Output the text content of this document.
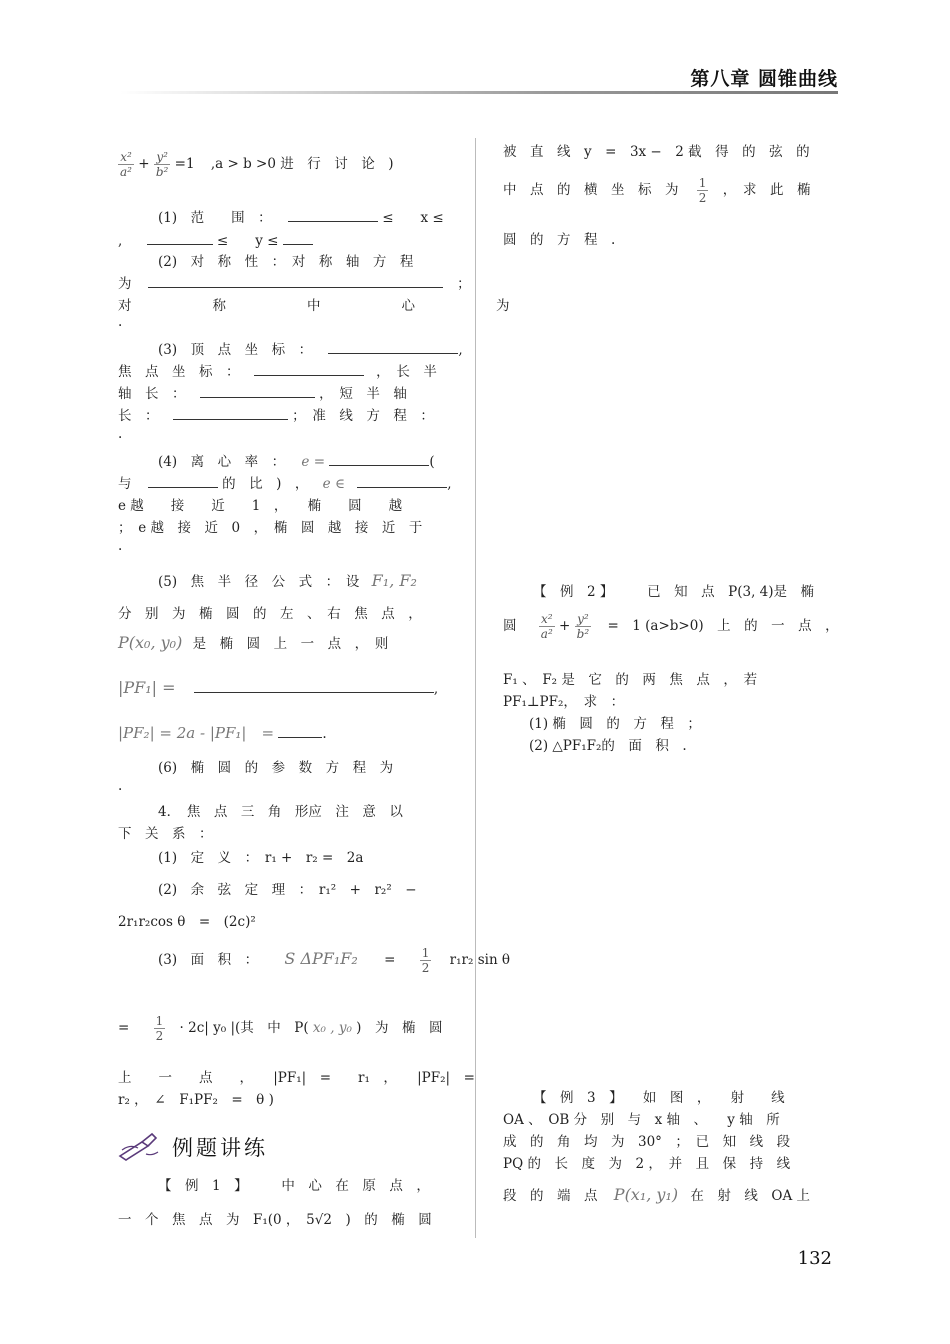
第八章 圆锥曲线
$\frac{\text{x²}}{\text{a²}} + \frac{\text{y²}}{\text{b²}} =1$ ,a > b >0 进　行　讨　论　)
(1)　范　　围　：	≤　　x ≤
,	≤　　y ≤
(2)　对　称　性　：　对　称　轴　方　程
为	；
对　　　　　　称　　　　　　中　　　　　　心　　　　　　为
.
(3)　顶　点　坐　标　：	,
焦　点　坐　标　：	，　长　半
轴　长　：	，　短　半　轴
长　：	；　准　线　方　程　：
.
(4)　离　心　率　： e =	(
与	的　比　)　， e ∈	,
e 越　　接　　近　　1　，　　椭　　圆　　越
；　e 越　接　近　0　，　椭　圆　越　接　近　于
.
(5)　焦　半　径　公　式　：　设 F₁, F₂
分　别　为　椭　圆　的　左　、　右　焦　点　，
P(x₀, y₀) 是　椭　圆　上　一　点　，　则
|PF₁| =	,
|PF₂| = 2a - |PF₁|　=	.
(6)　椭　圆　的　参　数　方　程　为
.
4．　焦　点　三　角　形应　注　意　以
下　关　系　：
(1)　定　义　：　r₁ +　r₂ =　2a
(2)　余　弦　定　理　：　r₁²　+　r₂²　−
2r₁r₂cos θ　=　(2c)²
(3)　面　积　： S $\Delta PF_1F_2 = \frac{1}{2} r_1r_2$ sin θ
= $\frac{1}{2} \cdot 2c|$ y₀ |(其　中　P( x₀ , y₀ )　为　椭　圆
上　　一　　点　　，　　|PF₁|　=　　r₁　，　　|PF₂|　=
r₂ ，　∠　F₁PF₂　=　θ )
例题讲练
【　例　1　】　　　中　心　在　原　点　，
一　个　焦　点　为　F₁(0 ，　5√2　)　的　椭　圆
被　直　线　y　=　3x −　2 截　得　的　弦　的
中　点　的　横　坐　标　为 $\frac{1}{2}$ ，　求　此　椭
圆　的　方　程　.
【　例　2 】　　　已　知　点　P(3, 4)是　椭
圆 $\frac{\text{x²}}{\text{a²}} + \frac{\text{y²}}{\text{b²}}$ =　1 (a>b>0)　上　的　一　点　，
F₁ 、　F₂ 是　它　的　两　焦　点　，　若
PF₁⊥PF₂，　求　：
(1) 椭　圆　的　方　程　；
(2) △PF₁F₂的　面　积　.
【　例　3　】　　如　图　，　　射　　线
OA 、　OB 分　别　与　x 轴　、　　y 轴　所
成　的　角　均　为　30°　；　已　知　线　段
PQ 的　长　度　为　2 ，　并　且　保　持　线
段　的　端　点 P(x₁, y₁) 在　射　线　OA 上
132
